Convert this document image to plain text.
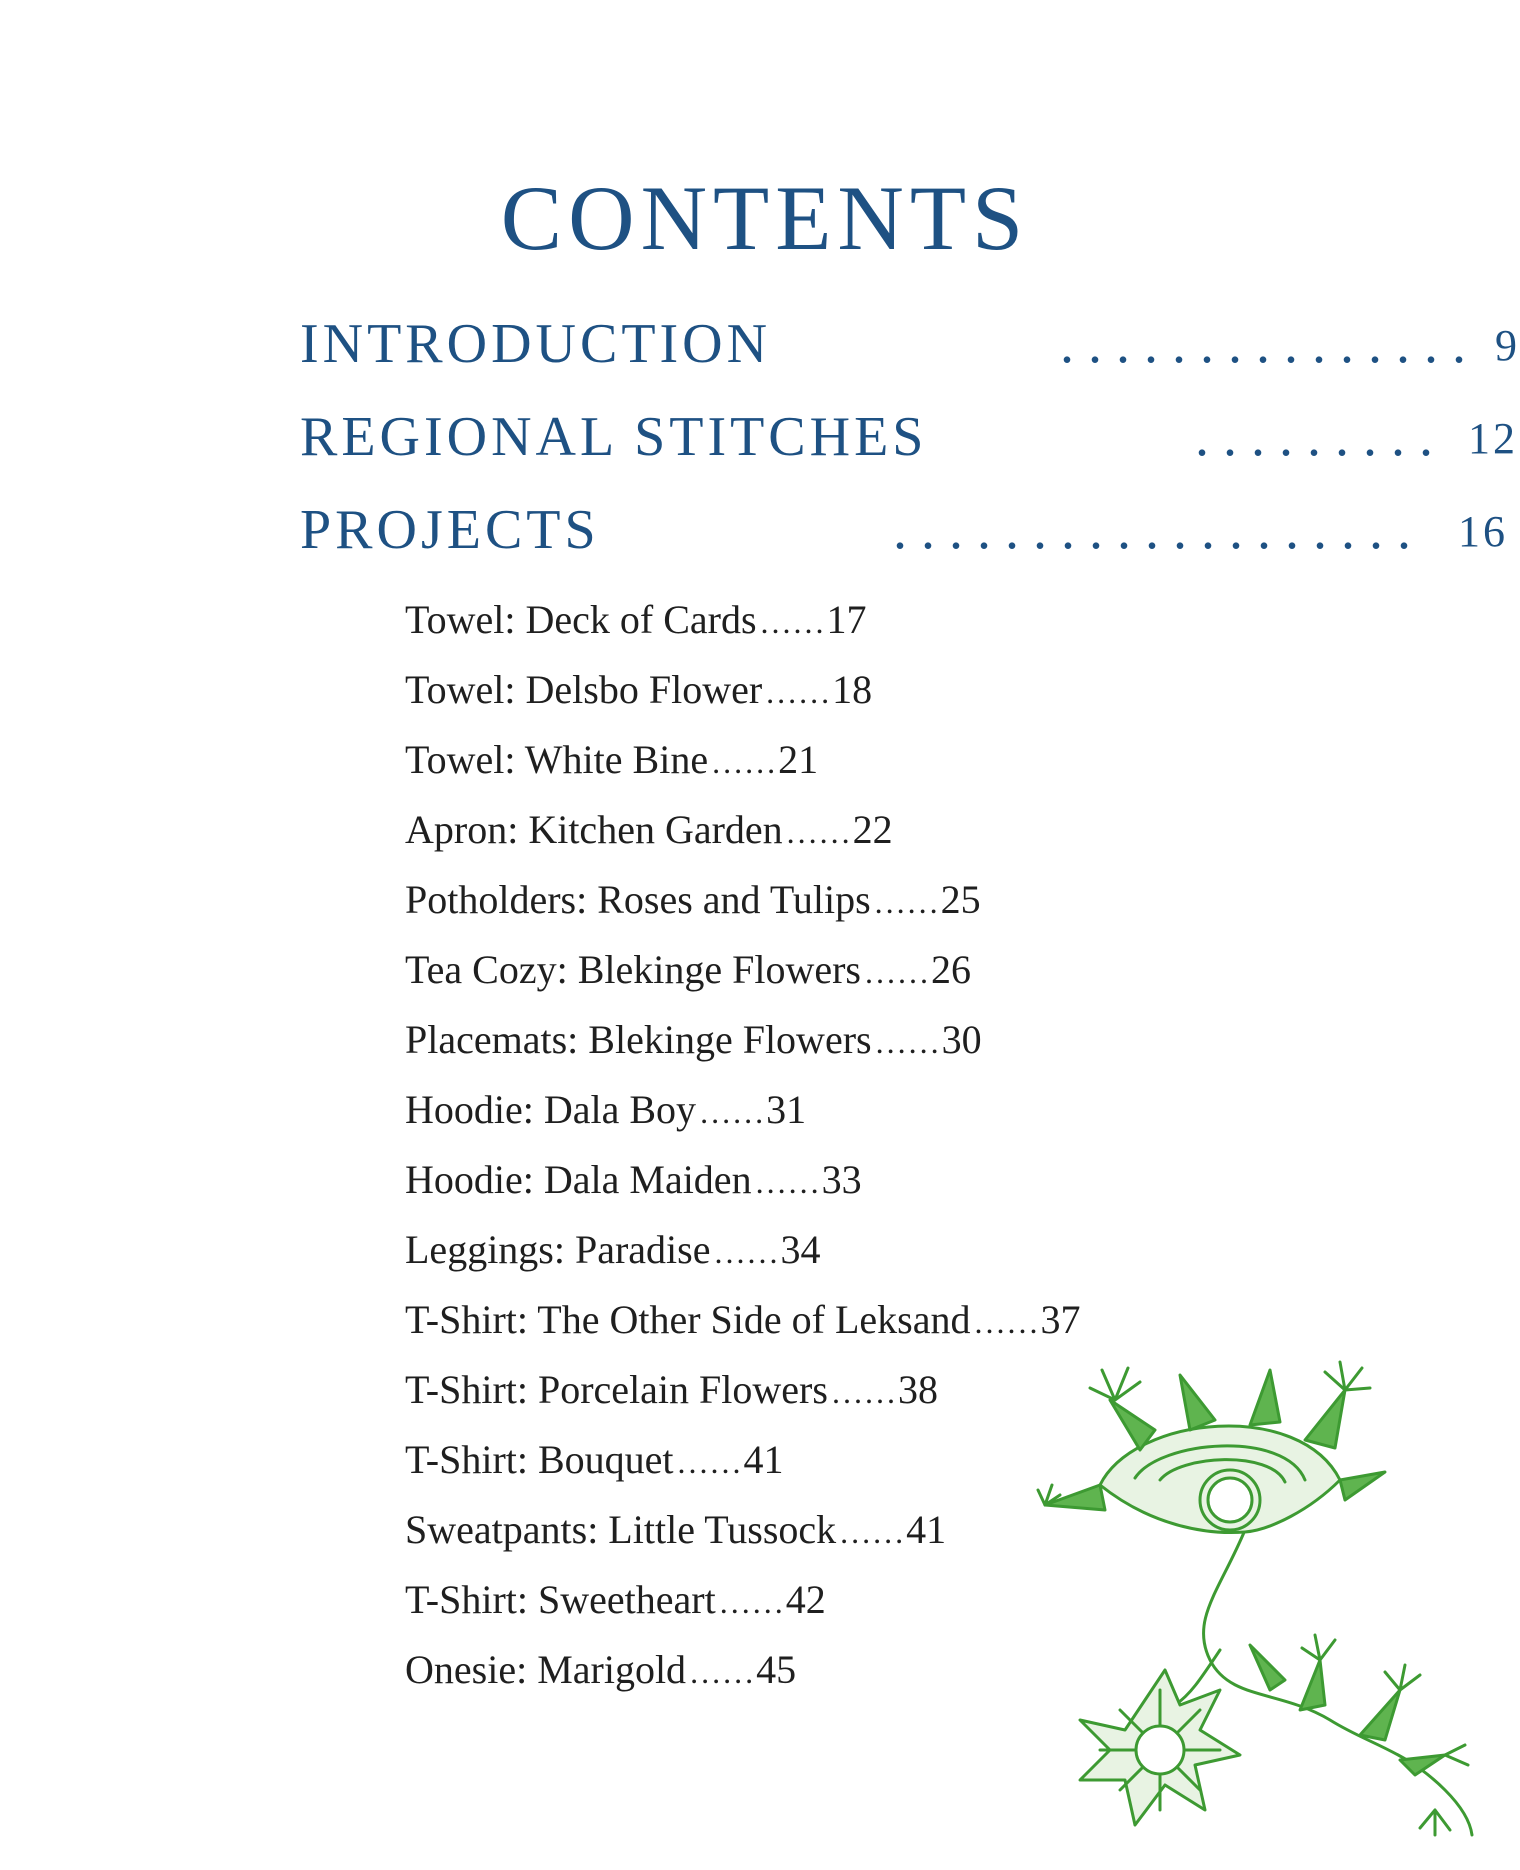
CONTENTS
INTRODUCTION	............... 9
REGIONAL STITCHES	......... 12
PROJECTS	................... 16
Towel: Deck of Cards ......17
Towel: Delsbo Flower ......18
Towel: White Bine ......21
Apron: Kitchen Garden ......22
Potholders: Roses and Tulips ......25
Tea Cozy: Blekinge Flowers ......26
Placemats: Blekinge Flowers ......30
Hoodie: Dala Boy ......31
Hoodie: Dala Maiden ......33
Leggings: Paradise ......34
T-Shirt: The Other Side of Leksand ......37
T-Shirt: Porcelain Flowers ......38
T-Shirt: Bouquet ......41
Sweatpants: Little Tussock ......41
T-Shirt: Sweetheart ......42
Onesie: Marigold ......45
